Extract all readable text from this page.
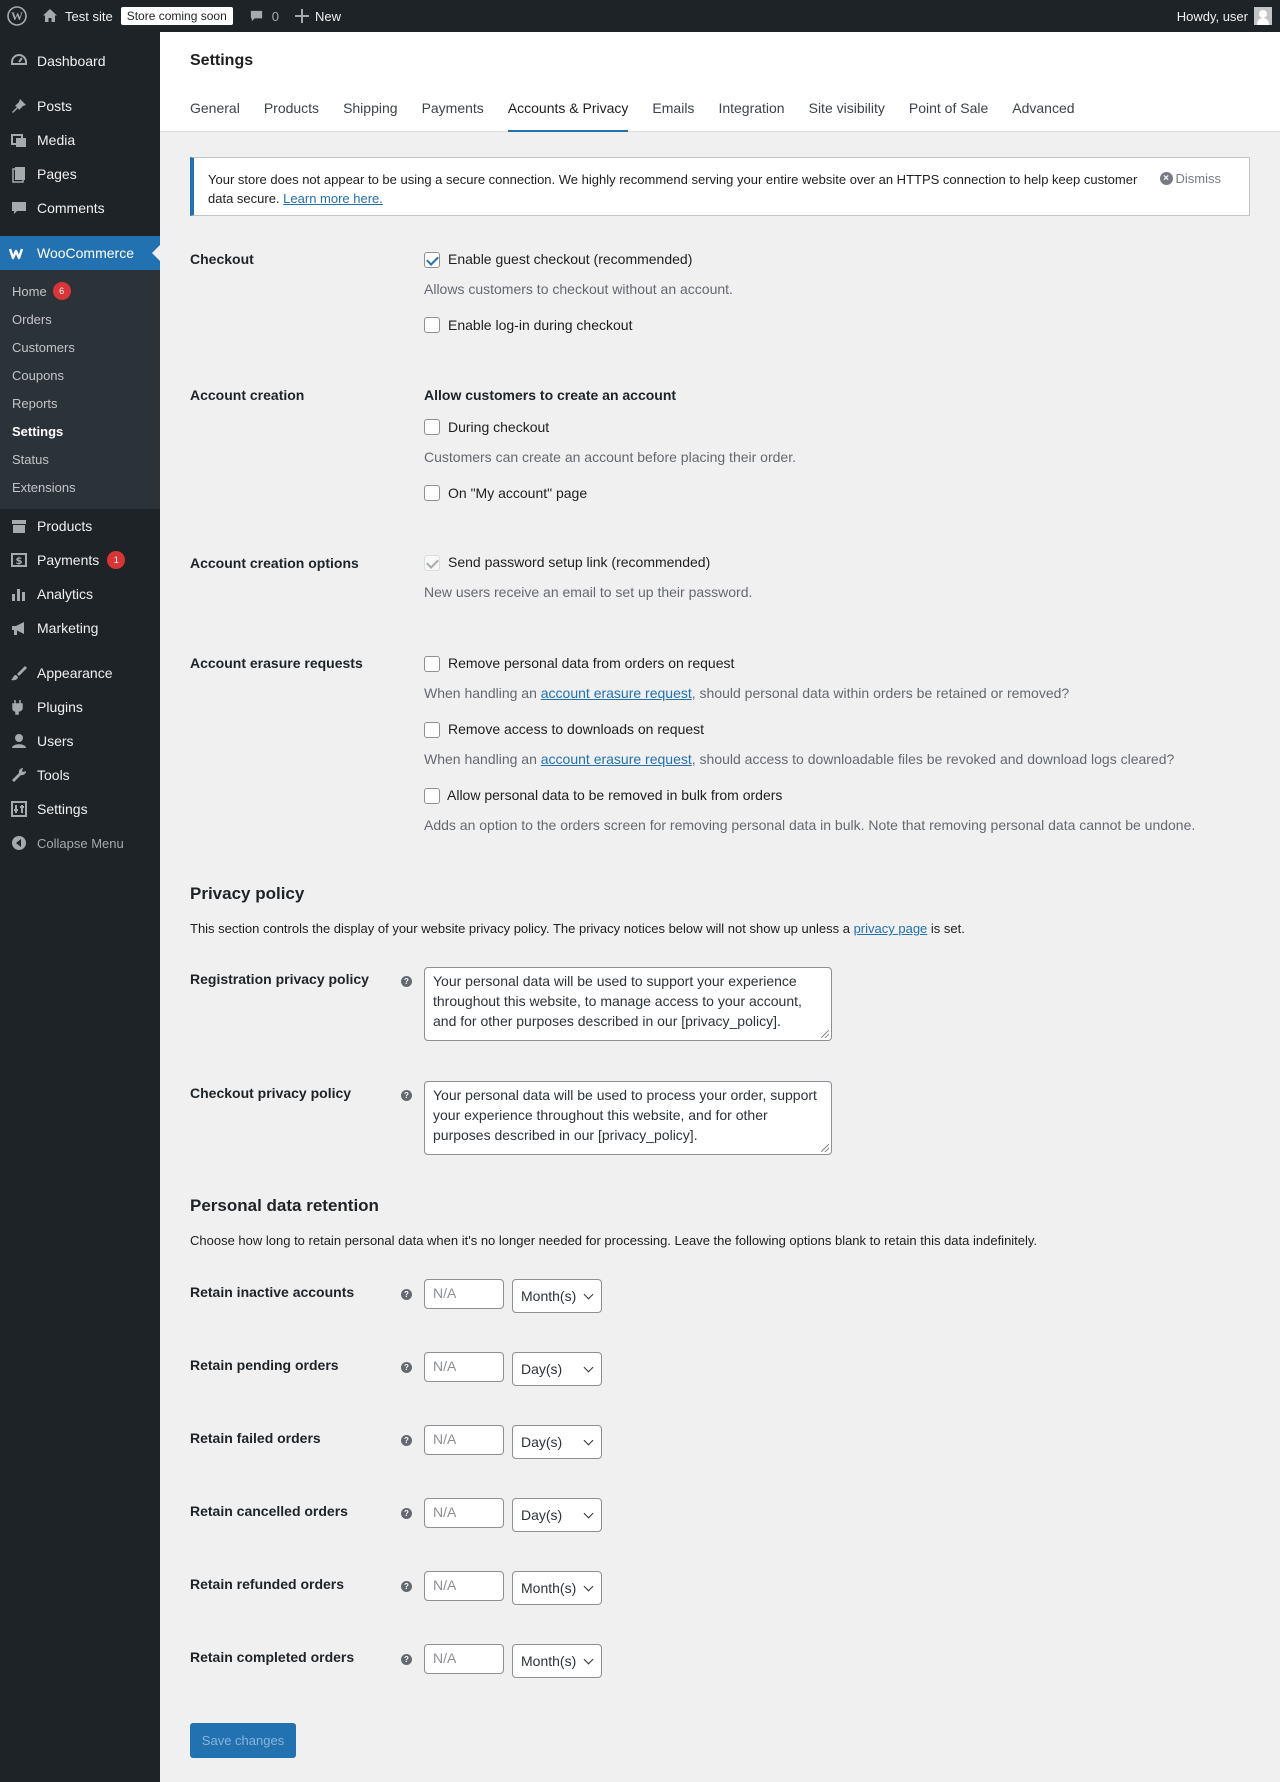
W	Test site	Store coming soon	0	New	Howdy, user
Dashboard
Posts
Media
Pages
Comments
WooCommerce
Home	6
Orders
Customers
Coupons
Reports
Settings
Status
Extensions
Products
$ Payments	1
Analytics
Marketing
Appearance
Plugins
Users
Tools
Settings
Collapse Menu
Settings
General Products Shipping Payments Accounts & Privacy Emails Integration Site visibility Point of Sale Advanced
Your store does not appear to be using a secure connection. We highly recommend serving your entire website over an HTTPS connection to help keep customer data secure. Learn more here.
× Dismiss
Checkout	Enable guest checkout (recommended)
Allows customers to checkout without an account.
Enable log-in during checkout
Account creation	Allow customers to create an account
During checkout
Customers can create an account before placing their order.
On "My account" page
Account creation options	Send password setup link (recommended)
New users receive an email to set up their password.
Account erasure requests	Remove personal data from orders on request
When handling an account erasure request, should personal data within orders be retained or removed?
Remove access to downloads on request
When handling an account erasure request, should access to downloadable files be revoked and download logs cleared?
Allow personal data to be removed in bulk from orders
Adds an option to the orders screen for removing personal data in bulk. Note that removing personal data cannot be undone.
Privacy policy
This section controls the display of your website privacy policy. The privacy notices below will not show up unless a privacy page is set.
Registration privacy policy	?	Your personal data will be used to support your experience throughout this website, to manage access to your account, and for other purposes described in our [privacy_policy].
Checkout privacy policy	?	Your personal data will be used to process your order, support your experience throughout this website, and for other purposes described in our [privacy_policy].
Personal data retention
Choose how long to retain personal data when it's no longer needed for processing. Leave the following options blank to retain this data indefinitely.
Retain inactive accounts	?	N/A	Month(s)
Retain pending orders	?	N/A	Day(s)
Retain failed orders	?	N/A	Day(s)
Retain cancelled orders	?	N/A	Day(s)
Retain refunded orders	?	N/A	Month(s)
Retain completed orders	?	N/A	Month(s)
Save changes
